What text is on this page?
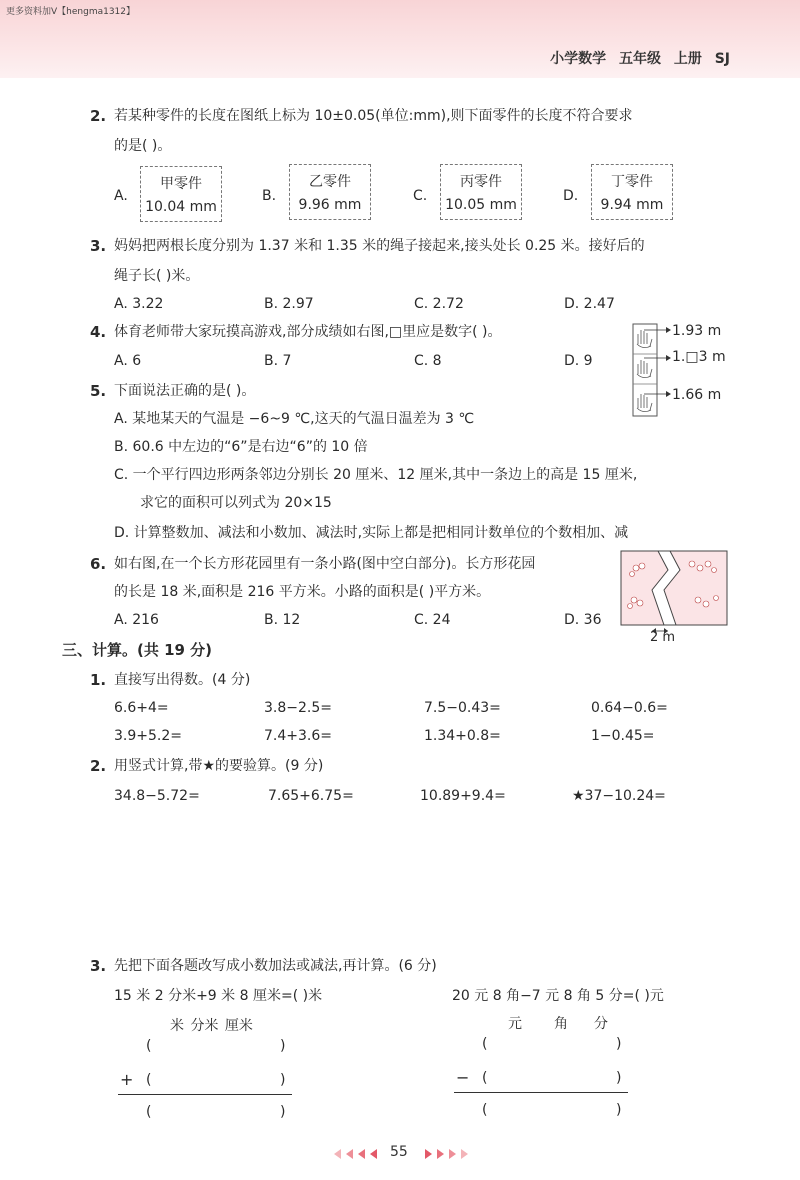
更多资料加V【hengma1312】
小学数学 五年级 上册 SJ
2. 若某种零件的长度在图纸上标为 10±0.05(单位:mm),则下面零件的长度不符合要求
的是( )。
A.
甲零件
10.04 mm
B.
乙零件
9.96 mm
C.
丙零件
10.05 mm
D.
丁零件
9.94 mm
3. 妈妈把两根长度分别为 1.37 米和 1.35 米的绳子接起来,接头处长 0.25 米。接好后的
绳子长( )米。
A. 3.22	B. 2.97	C. 2.72	D. 2.47
4. 体育老师带大家玩摸高游戏,部分成绩如右图,□里应是数字( )。
A. 6	B. 7	C. 8	D. 9
1.93 m
1.□3 m
1.66 m
5. 下面说法正确的是( )。
A. 某地某天的气温是 −6~9 ℃,这天的气温日温差为 3 ℃
B. 60.6 中左边的“6”是右边“6”的 10 倍
C. 一个平行四边形两条邻边分别长 20 厘米、12 厘米,其中一条边上的高是 15 厘米,
求它的面积可以列式为 20×15
D. 计算整数加、减法和小数加、减法时,实际上都是把相同计数单位的个数相加、减
6. 如右图,在一个长方形花园里有一条小路(图中空白部分)。长方形花园
的长是 18 米,面积是 216 平方米。小路的面积是( )平方米。
A. 216	B. 12	C. 24	D. 36
2 m
三、计算。(共 19 分)
1. 直接写出得数。(4 分)
6.6+4=	3.8−2.5=	7.5−0.43=	0.64−0.6=
3.9+5.2=	7.4+3.6=	1.34+0.8=	1−0.45=
2. 用竖式计算,带★的要验算。(9 分)
34.8−5.72=	7.65+6.75=	10.89+9.4=	★37−10.24=
3. 先把下面各题改写成小数加法或减法,再计算。(6 分)
15 米 2 分米+9 米 8 厘米=( )米
米 分米 厘米
(	)
+ (	)
(	)
20 元 8 角−7 元 8 角 5 分=( )元
元 角 分
(	)
− (	)
(	)
55
